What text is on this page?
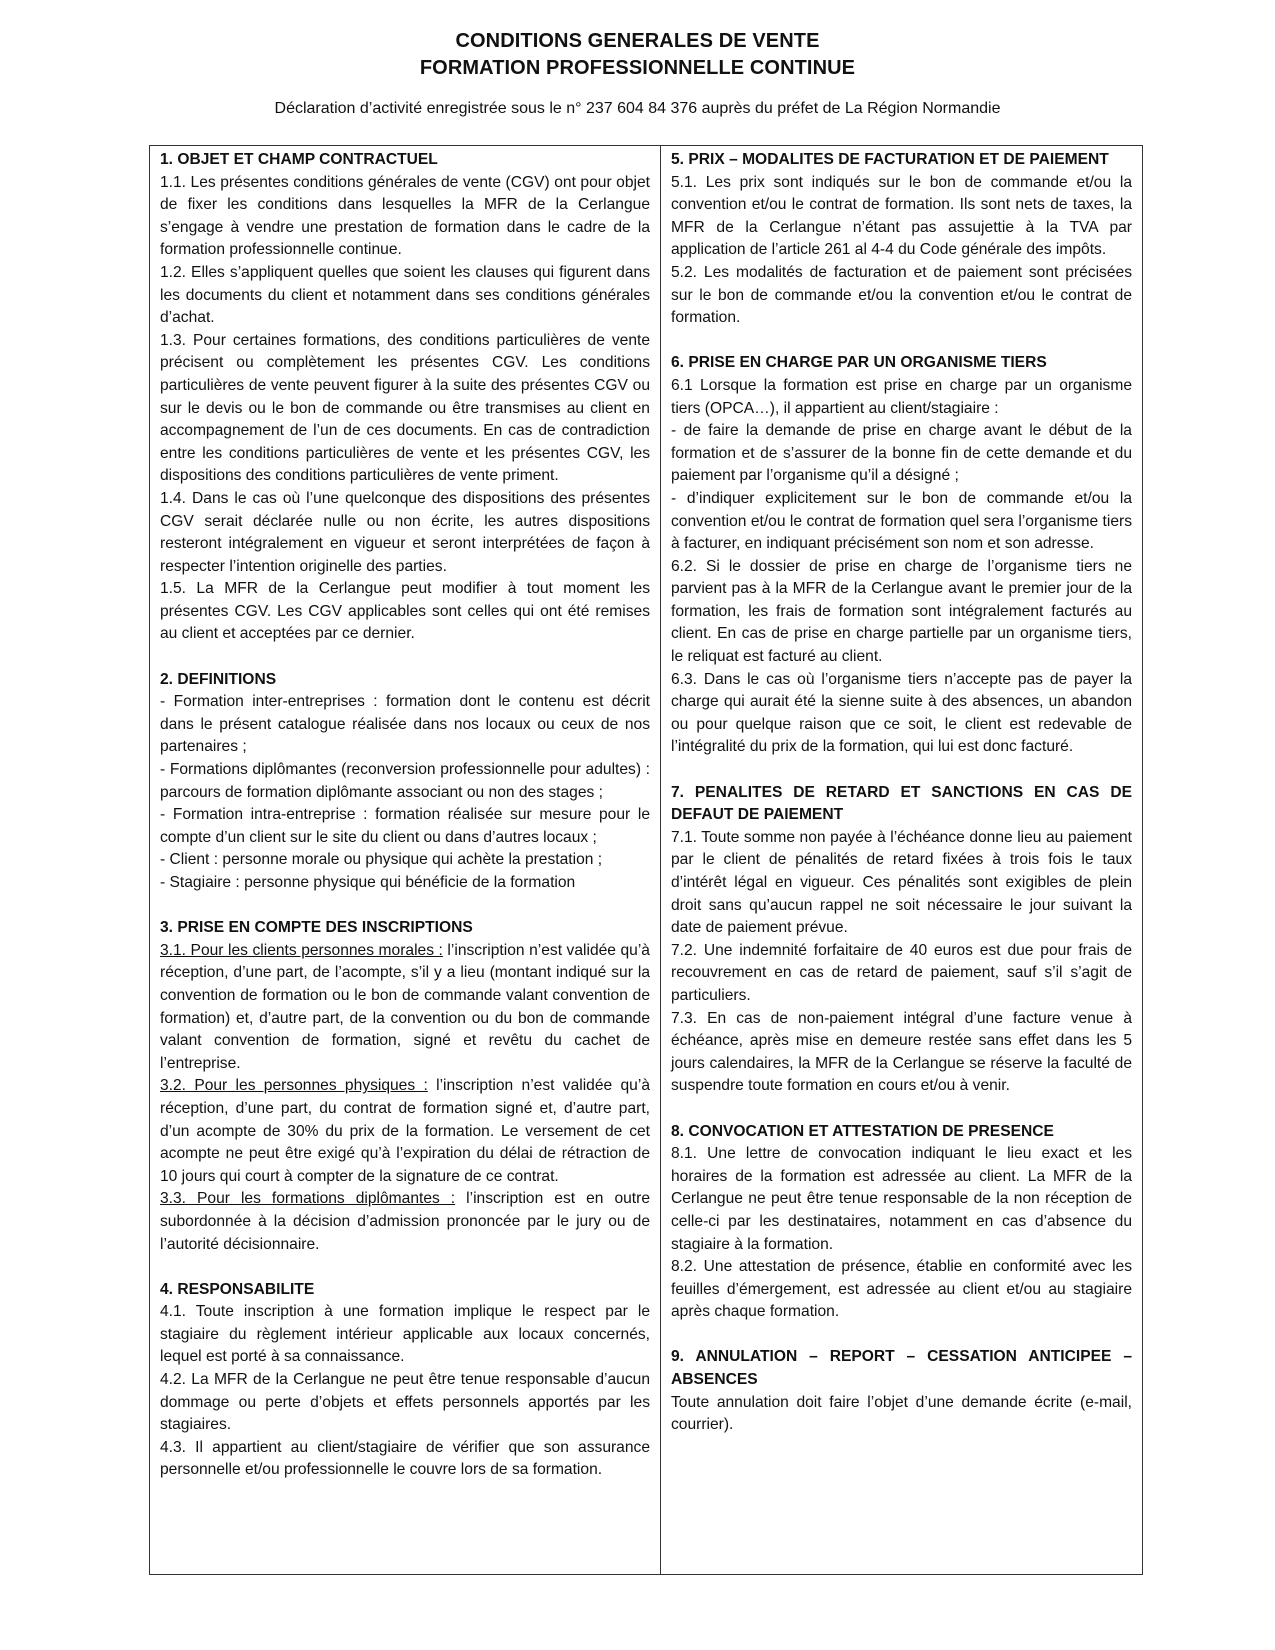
CONDITIONS GENERALES DE VENTE
FORMATION PROFESSIONNELLE CONTINUE
Déclaration d’activité enregistrée sous le n° 237 604 84 376 auprès du préfet de La Région Normandie
1. OBJET ET CHAMP CONTRACTUEL

1.1. Les présentes conditions générales de vente (CGV) ont pour objet de fixer les conditions dans lesquelles la MFR de la Cerlangue s’engage à vendre une prestation de formation dans le cadre de la formation professionnelle continue.

1.2. Elles s’appliquent quelles que soient les clauses qui figurent dans les documents du client et notamment dans ses conditions générales d’achat.

1.3. Pour certaines formations, des conditions particulières de vente précisent ou complètement les présentes CGV. Les conditions particulières de vente peuvent figurer à la suite des présentes CGV ou sur le devis ou le bon de commande ou être transmises au client en accompagnement de l’un de ces documents. En cas de contradiction entre les conditions particulières de vente et les présentes CGV, les dispositions des conditions particulières de vente priment.

1.4. Dans le cas où l’une quelconque des dispositions des présentes CGV serait déclarée nulle ou non écrite, les autres dispositions resteront intégralement en vigueur et seront interprétées de façon à respecter l’intention originelle des parties.

1.5. La MFR de la Cerlangue peut modifier à tout moment les présentes CGV. Les CGV applicables sont celles qui ont été remises au client et acceptées par ce dernier.

2. DEFINITIONS

- Formation inter-entreprises : formation dont le contenu est décrit dans le présent catalogue réalisée dans nos locaux ou ceux de nos partenaires ;

- Formations diplômantes (reconversion professionnelle pour adultes) : parcours de formation diplômante associant ou non des stages ;

- Formation intra-entreprise : formation réalisée sur mesure pour le compte d’un client sur le site du client ou dans d’autres locaux ;

- Client : personne morale ou physique qui achète la prestation ;

- Stagiaire : personne physique qui bénéficie de la formation

3. PRISE EN COMPTE DES INSCRIPTIONS

3.1. Pour les clients personnes morales : l’inscription n’est validée qu’à réception, d’une part, de l’acompte, s’il y a lieu (montant indiqué sur la convention de formation ou le bon de commande valant convention de formation) et, d’autre part, de la convention ou du bon de commande valant convention de formation, signé et revêtu du cachet de l’entreprise.

3.2. Pour les personnes physiques : l’inscription n’est validée qu’à réception, d’une part, du contrat de formation signé et, d’autre part, d’un acompte de 30% du prix de la formation. Le versement de cet acompte ne peut être exigé qu’à l’expiration du délai de rétraction de 10 jours qui court à compter de la signature de ce contrat.

3.3. Pour les formations diplômantes : l’inscription est en outre subordonnée à la décision d’admission prononcée par le jury ou de l’autorité décisionnaire.

4. RESPONSABILITE

4.1. Toute inscription à une formation implique le respect par le stagiaire du règlement intérieur applicable aux locaux concernés, lequel est porté à sa connaissance.

4.2. La MFR de la Cerlangue ne peut être tenue responsable d’aucun dommage ou perte d’objets et effets personnels apportés par les stagiaires.

4.3. Il appartient au client/stagiaire de vérifier que son assurance personnelle et/ou professionnelle le couvre lors de sa formation.

5. PRIX – MODALITES DE FACTURATION ET DE PAIEMENT

5.1. Les prix sont indiqués sur le bon de commande et/ou la convention et/ou le contrat de formation. Ils sont nets de taxes, la MFR de la Cerlangue n’étant pas assujettie à la TVA par application de l’article 261 al 4-4 du Code générale des impôts.

5.2. Les modalités de facturation et de paiement sont précisées sur le bon de commande et/ou la convention et/ou le contrat de formation.

6. PRISE EN CHARGE PAR UN ORGANISME TIERS

6.1 Lorsque la formation est prise en charge par un organisme tiers (OPCA…), il appartient au client/stagiaire :

- de faire la demande de prise en charge avant le début de la formation et de s’assurer de la bonne fin de cette demande et du paiement par l’organisme qu’il a désigné ;

- d’indiquer explicitement sur le bon de commande et/ou la convention et/ou le contrat de formation quel sera l’organisme tiers à facturer, en indiquant précisément son nom et son adresse.

6.2. Si le dossier de prise en charge de l’organisme tiers ne parvient pas à la MFR de la Cerlangue avant le premier jour de la formation, les frais de formation sont intégralement facturés au client. En cas de prise en charge partielle par un organisme tiers, le reliquat est facturé au client.

6.3. Dans le cas où l’organisme tiers n’accepte pas de payer la charge qui aurait été la sienne suite à des absences, un abandon ou pour quelque raison que ce soit, le client est redevable de l’intégralité du prix de la formation, qui lui est donc facturé.

7. PENALITES DE RETARD ET SANCTIONS EN CAS DE DEFAUT DE PAIEMENT

7.1. Toute somme non payée à l’échéance donne lieu au paiement par le client de pénalités de retard fixées à trois fois le taux d’intérêt légal en vigueur. Ces pénalités sont exigibles de plein droit sans qu’aucun rappel ne soit nécessaire le jour suivant la date de paiement prévue.

7.2. Une indemnité forfaitaire de 40 euros est due pour frais de recouvrement en cas de retard de paiement, sauf s’il s’agit de particuliers.

7.3. En cas de non-paiement intégral d’une facture venue à échéance, après mise en demeure restée sans effet dans les 5 jours calendaires, la MFR de la Cerlangue se réserve la faculté de suspendre toute formation en cours et/ou à venir.

8. CONVOCATION ET ATTESTATION DE PRESENCE

8.1. Une lettre de convocation indiquant le lieu exact et les horaires de la formation est adressée au client. La MFR de la Cerlangue ne peut être tenue responsable de la non réception de celle-ci par les destinataires, notamment en cas d’absence du stagiaire à la formation.

8.2. Une attestation de présence, établie en conformité avec les feuilles d’émergement, est adressée au client et/ou au stagiaire après chaque formation.

9. ANNULATION – REPORT – CESSATION ANTICIPEE – ABSENCES

Toute annulation doit faire l’objet d’une demande écrite (e-mail, courrier).
